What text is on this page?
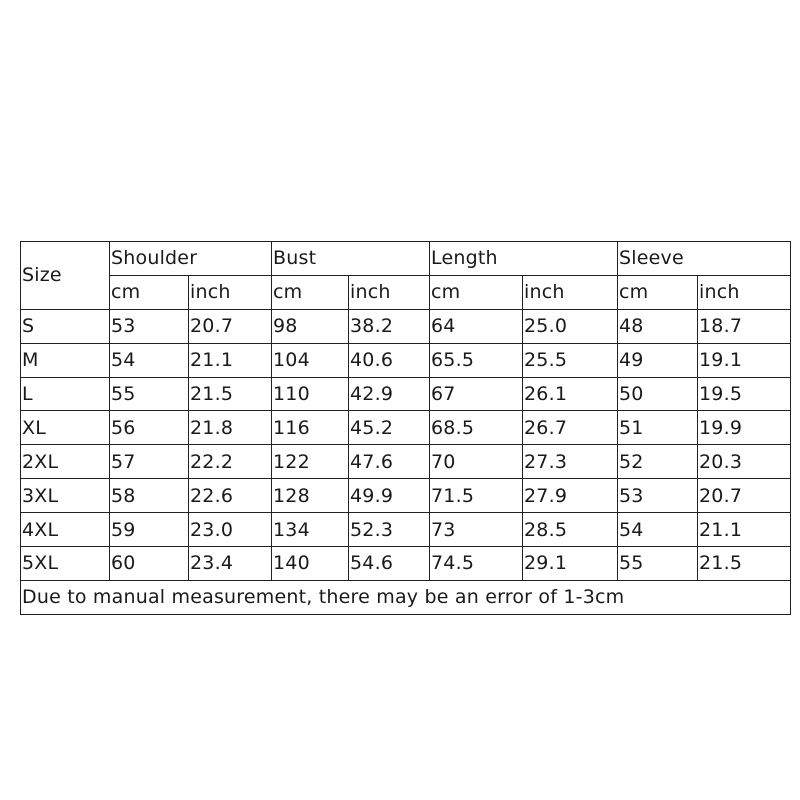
Size	Shoulder		Bust		Length		Sleeve	
	cm	inch	cm	inch	cm	inch	cm	inch
S	53	20.7	98	38.2	64	25.0	48	18.7
M	54	21.1	104	40.6	65.5	25.5	49	19.1
L	55	21.5	110	42.9	67	26.1	50	19.5
XL	56	21.8	116	45.2	68.5	26.7	51	19.9
2XL	57	22.2	122	47.6	70	27.3	52	20.3
3XL	58	22.6	128	49.9	71.5	27.9	53	20.7
4XL	59	23.0	134	52.3	73	28.5	54	21.1
5XL	60	23.4	140	54.6	74.5	29.1	55	21.5
Due to manual measurement, there may be an error of 1-3cm								
